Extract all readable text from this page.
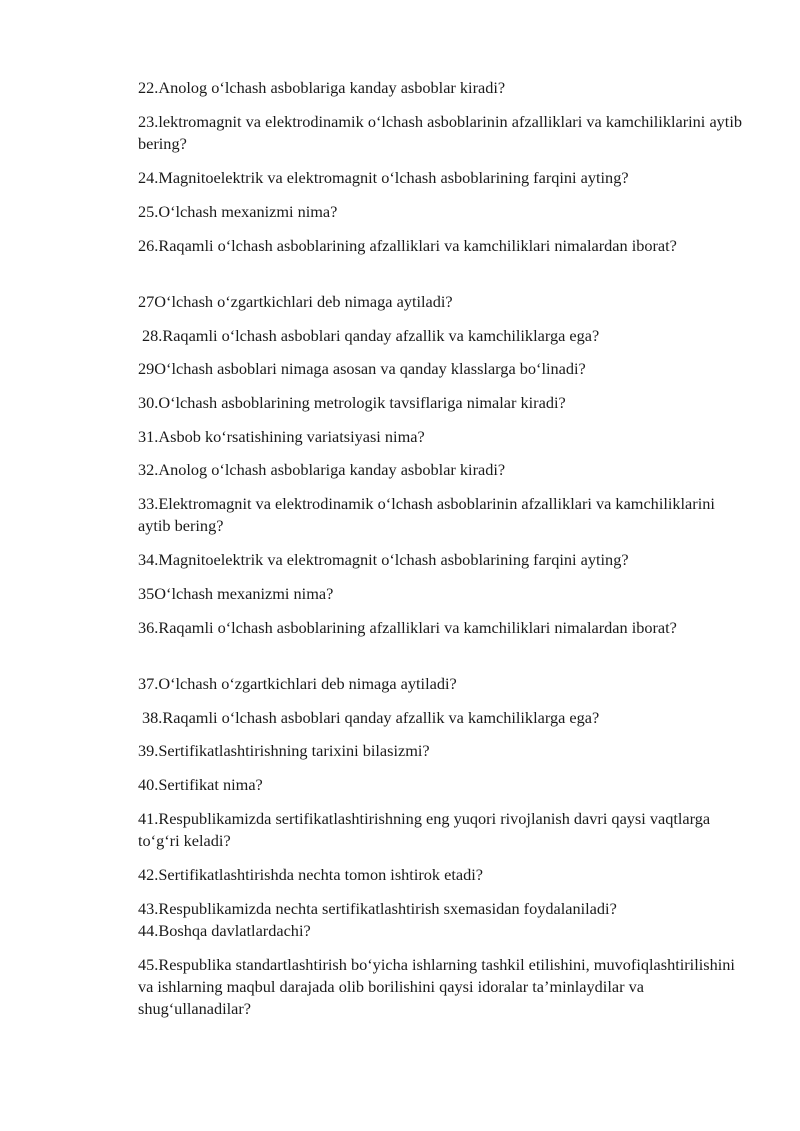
22.Anolog o‘lchash asboblariga kanday asboblar kiradi?

23.lektromagnit va elektrodinamik o‘lchash asboblarinin afzalliklari va kamchiliklarini aytib bering?

24.Magnitoelektrik va elektromagnit o‘lchash asboblarining farqini ayting?

25.O‘lchash mexanizmi nima?

26.Raqamli o‘lchash asboblarining afzalliklari va kamchiliklari nimalardan iborat?

27O‘lchash o‘zgartkichlari deb nimaga aytiladi?

28.Raqamli o‘lchash asboblari qanday afzallik va kamchiliklarga ega?

29O‘lchash asboblari nimaga asosan va qanday klasslarga bo‘linadi?

30.O‘lchash asboblarining metrologik tavsiflariga nimalar kiradi?

31.Asbob ko‘rsatishining variatsiyasi nima?

32.Anolog o‘lchash asboblariga kanday asboblar kiradi?

33.Elektromagnit va elektrodinamik o‘lchash asboblarinin afzalliklari va kamchiliklarini aytib bering?

34.Magnitoelektrik va elektromagnit o‘lchash asboblarining farqini ayting?

35O‘lchash mexanizmi nima?

36.Raqamli o‘lchash asboblarining afzalliklari va kamchiliklari nimalardan iborat?

37.O‘lchash o‘zgartkichlari deb nimaga aytiladi?

38.Raqamli o‘lchash asboblari qanday afzallik va kamchiliklarga ega?

39.Sertifikatlashtirishning tarixini bilasizmi?

40.Sertifikat nima?

41.Respublikamizda sertifikatlashtirishning eng yuqori rivojlanish davri qaysi vaqtlarga to‘g‘ri keladi?

42.Sertifikatlashtirishda nechta tomon ishtirok etadi?

43.Respublikamizda nechta sertifikatlashtirish sxemasidan foydalaniladi?

44.Boshqa davlatlardachi?

45.Respublika standartlashtirish bo‘yicha ishlarning tashkil etilishini, muvofiqlashtirilishini va ishlarning maqbul darajada olib borilishini qaysi idoralar ta’minlaydilar va shug‘ullanadilar?
